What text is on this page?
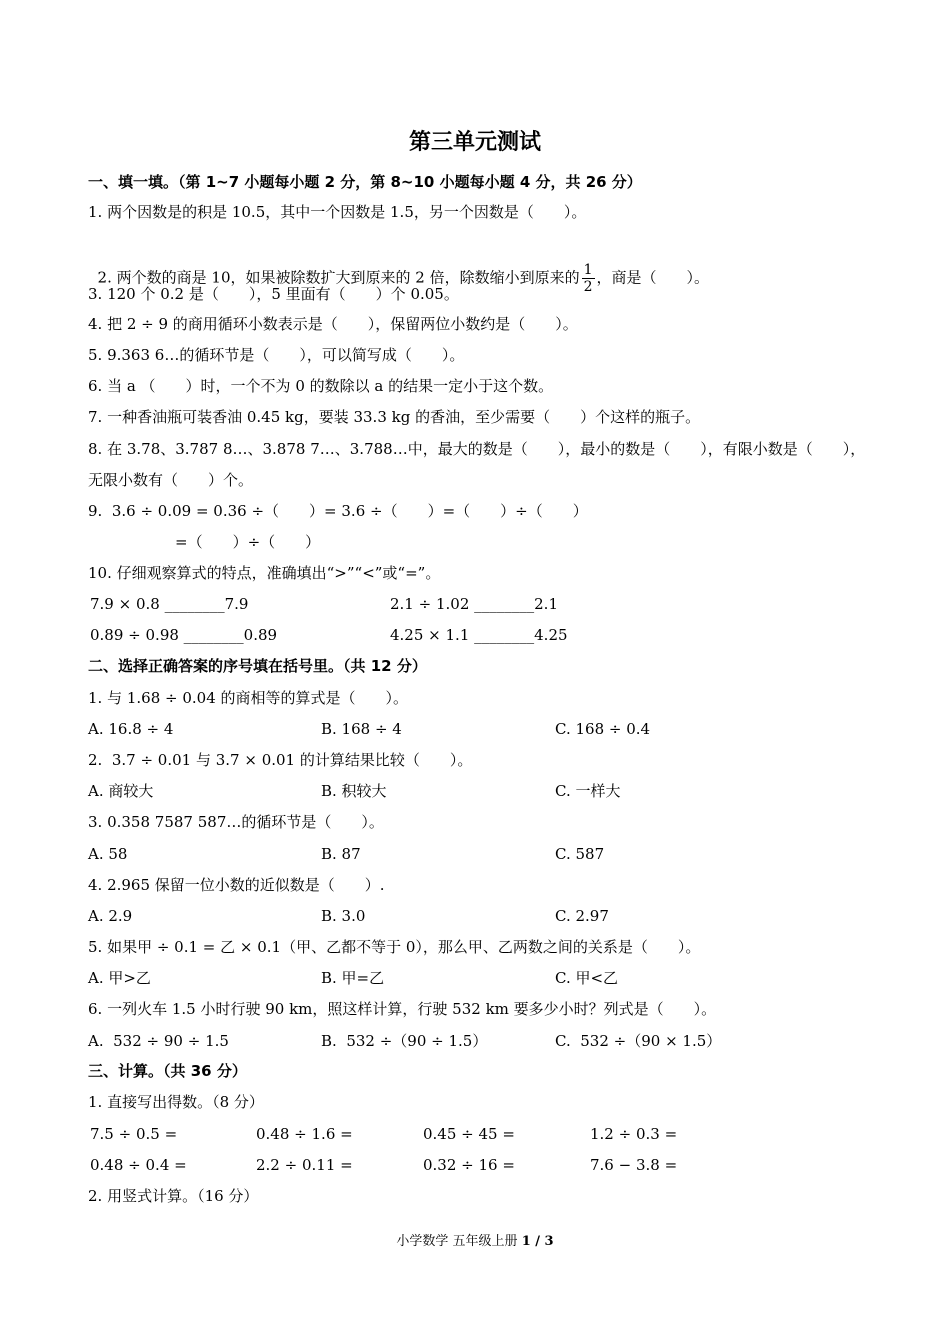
第三单元测试
一、填一填。（第 1~7 小题每小题 2 分，第 8~10 小题每小题 4 分，共 26 分）
1. 两个因数是的积是 10.5，其中一个因数是 1.5，另一个因数是（　　）。

2. 两个数的商是 10，如果被除数扩大到原来的 2 倍，除数缩小到原来的 $\frac{1}{2}$ ，商是（　　）。

3. 120 个 0.2 是（　　），5 里面有（　　）个 0.05。
4. 把 2 ÷ 9 的商用循环小数表示是（　　），保留两位小数约是（　　）。
5. 9.363 6…的循环节是（　　），可以简写成（　　）。
6. 当 a （　　）时，一个不为 0 的数除以 a 的结果一定小于这个数。
7. 一种香油瓶可装香油 0.45 kg，要装 33.3 kg 的香油，至少需要（　　）个这样的瓶子。
8. 在 3.78、3.787 8…、3.878 7…、3.788…中，最大的数是（　　），最小的数是（　　），有限小数是（　　），
无限小数有（　　）个。
9.  3.6 ÷ 0.09 = 0.36 ÷（　　）= 3.6 ÷（　　）=（　　）÷（　　）
=（　　）÷（　　）
10. 仔细观察算式的特点，准确填出“>”“<”或“=”。
7.9 × 0.8 ________7.9	2.1 ÷ 1.02 ________2.1
0.89 ÷ 0.98 ________0.89	4.25 × 1.1 ________4.25
二、选择正确答案的序号填在括号里。（共 12 分）
1. 与 1.68 ÷ 0.04 的商相等的算式是（　　）。
A. 16.8 ÷ 4	B. 168 ÷ 4	C. 168 ÷ 0.4
2.  3.7 ÷ 0.01 与 3.7 × 0.01 的计算结果比较（　　）。
A. 商较大	B. 积较大	C. 一样大
3. 0.358 7587 587…的循环节是（　　）。
A. 58	B. 87	C. 587
4. 2.965 保留一位小数的近似数是（　　）.
A. 2.9	B. 3.0	C. 2.97
5. 如果甲 ÷ 0.1 = 乙 × 0.1（甲、乙都不等于 0），那么甲、乙两数之间的关系是（　　）。
A. 甲>乙	B. 甲=乙	C. 甲<乙
6. 一列火车 1.5 小时行驶 90 km，照这样计算，行驶 532 km 要多少小时？列式是（　　）。
A.  532 ÷ 90 ÷ 1.5	B.  532 ÷（90 ÷ 1.5）	C.  532 ÷（90 × 1.5）
三、计算。（共 36 分）
1. 直接写出得数。（8 分）
7.5 ÷ 0.5 =	0.48 ÷ 1.6 =	0.45 ÷ 45 =	1.2 ÷ 0.3 =
0.48 ÷ 0.4 =	2.2 ÷ 0.11 =	0.32 ÷ 16 =	7.6 − 3.8 =
2. 用竖式计算。（16 分）
小学数学 五年级上册 1 / 3
